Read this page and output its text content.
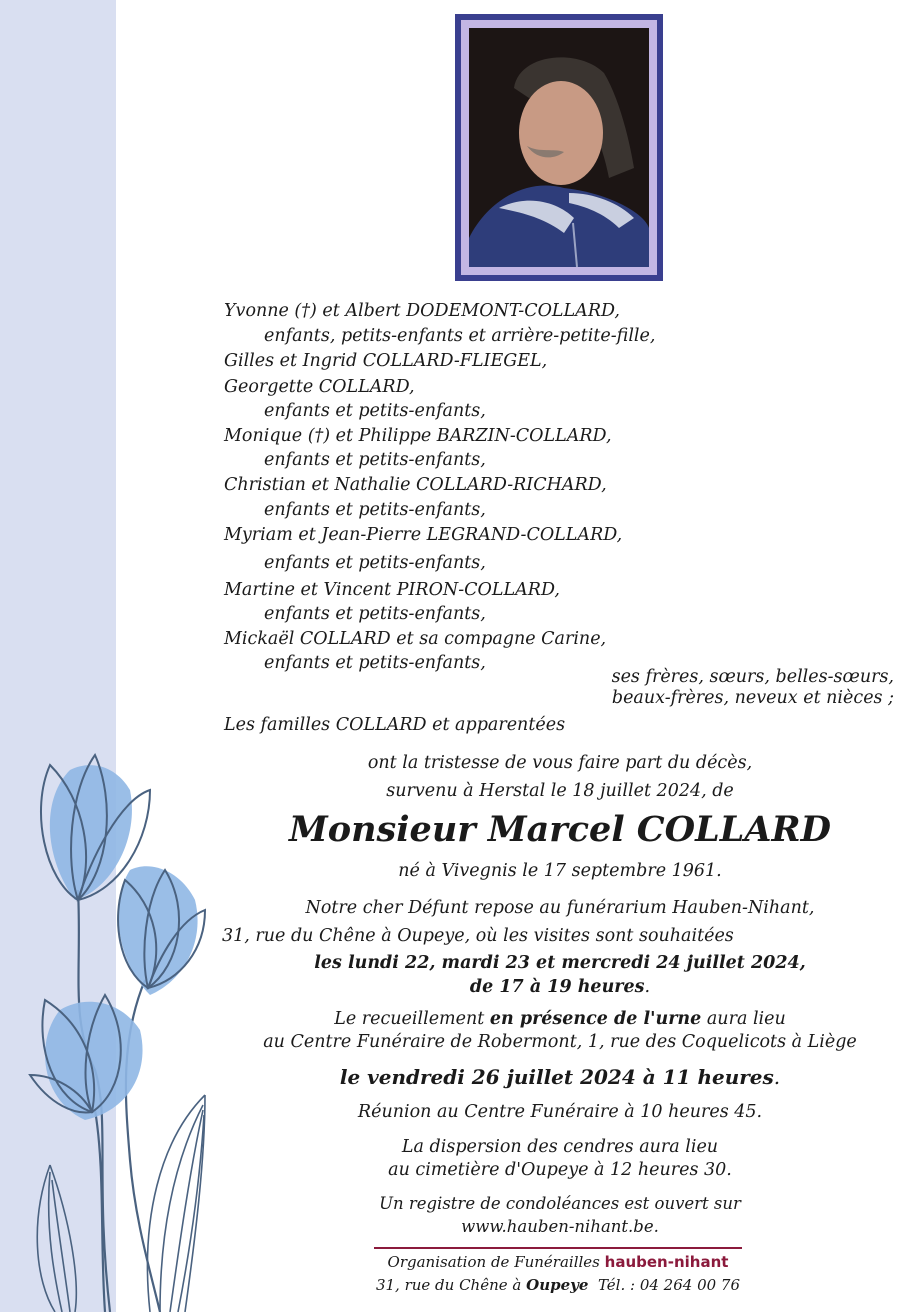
Yvonne (†) et Albert DODEMONT-COLLARD,
enfants, petits-enfants et arrière-petite-fille,
Gilles et Ingrid COLLARD-FLIEGEL,
Georgette COLLARD,
enfants et petits-enfants,
Monique (†) et Philippe BARZIN-COLLARD,
enfants et petits-enfants,
Christian et Nathalie COLLARD-RICHARD,
enfants et petits-enfants,
Myriam et Jean-Pierre LEGRAND-COLLARD,
enfants et petits-enfants,
Martine et Vincent PIRON-COLLARD,
enfants et petits-enfants,
Mickaël COLLARD et sa compagne Carine,
enfants et petits-enfants,
ses frères, sœurs, belles-sœurs,
beaux-frères, neveux et nièces ;
Les familles COLLARD et apparentées
ont la tristesse de vous faire part du décès,
survenu à Herstal le 18 juillet 2024, de
Monsieur Marcel COLLARD
né à Vivegnis le 17 septembre 1961.
Notre cher Défunt repose au funérarium Hauben-Nihant,
31, rue du Chêne à Oupeye, où les visites sont souhaitées
les lundi 22, mardi 23 et mercredi 24 juillet 2024,
de 17 à 19 heures.
Le recueillement en présence de l'urne aura lieu
au Centre Funéraire de Robermont, 1, rue des Coquelicots à Liège
le vendredi 26 juillet 2024 à 11 heures.
Réunion au Centre Funéraire à 10 heures 45.
La dispersion des cendres aura lieu
au cimetière d'Oupeye à 12 heures 30.
Un registre de condoléances est ouvert sur
www.hauben-nihant.be.
Organisation de Funérailles hauben-nihant
31, rue du Chêne à Oupeye Tél. : 04 264 00 76
